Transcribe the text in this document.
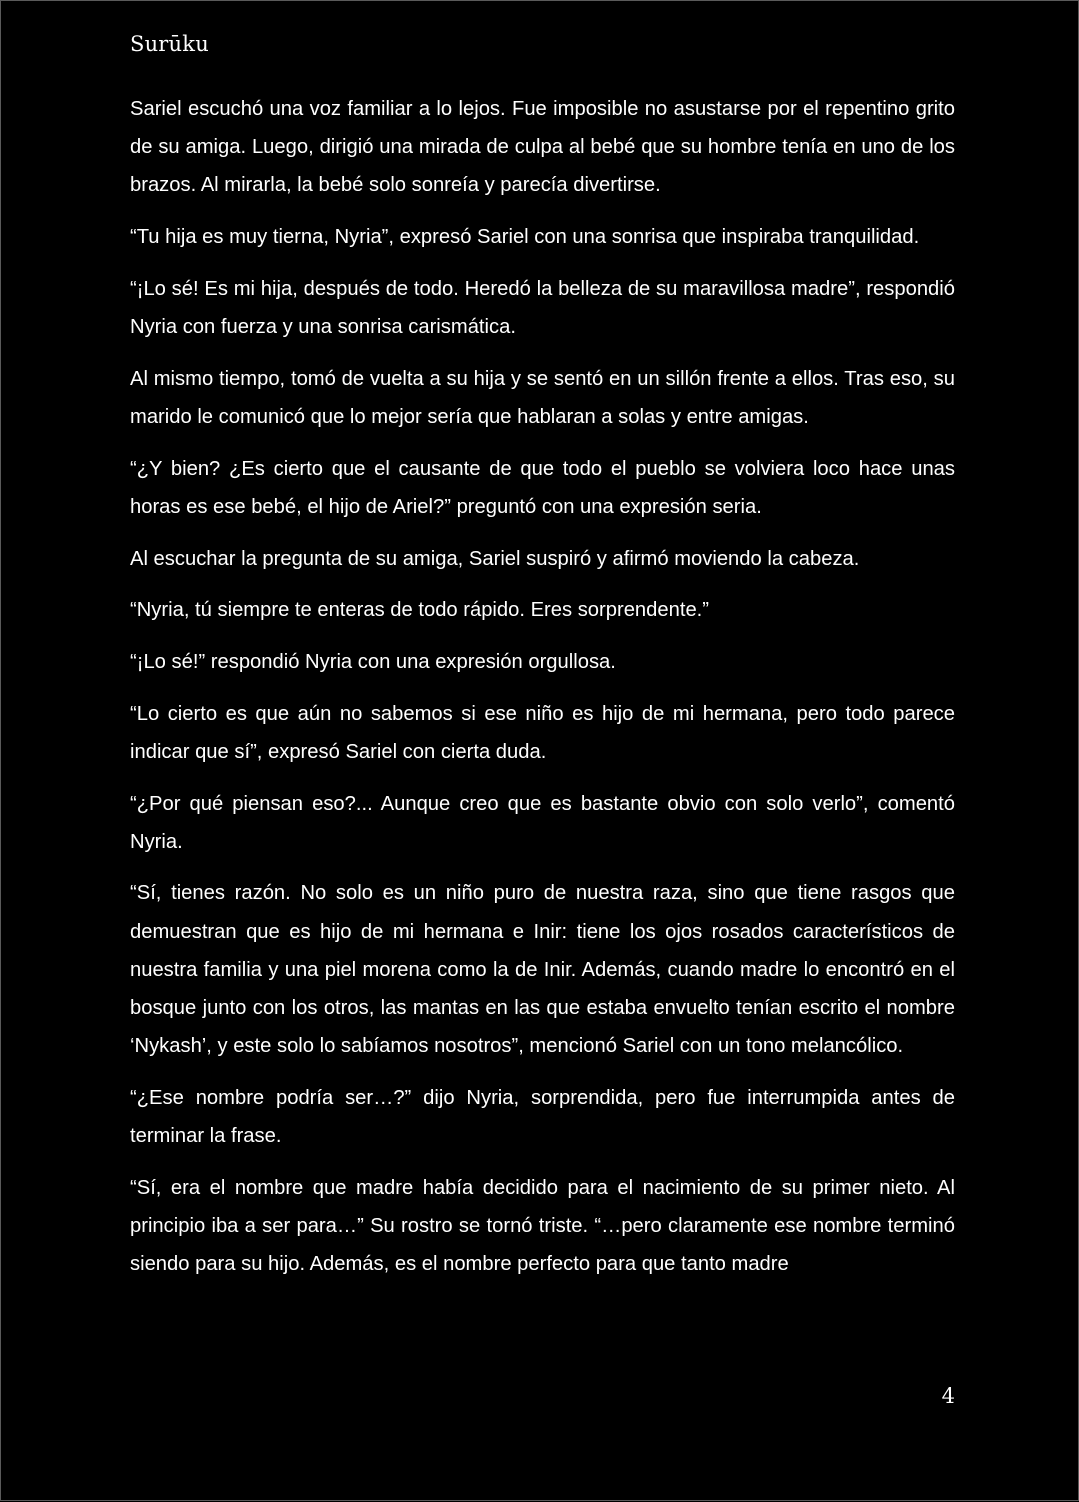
Surūku

Sariel escuchó una voz familiar a lo lejos. Fue imposible no asustarse por el repentino grito de su amiga. Luego, dirigió una mirada de culpa al bebé que su hombre tenía en uno de los brazos. Al mirarla, la bebé solo sonreía y parecía divertirse.

“Tu hija es muy tierna, Nyria”, expresó Sariel con una sonrisa que inspiraba tranquilidad.

“¡Lo sé! Es mi hija, después de todo. Heredó la belleza de su maravillosa madre”, respondió Nyria con fuerza y una sonrisa carismática.

Al mismo tiempo, tomó de vuelta a su hija y se sentó en un sillón frente a ellos. Tras eso, su marido le comunicó que lo mejor sería que hablaran a solas y entre amigas.

“¿Y bien? ¿Es cierto que el causante de que todo el pueblo se volviera loco hace unas horas es ese bebé, el hijo de Ariel?” preguntó con una expresión seria.

Al escuchar la pregunta de su amiga, Sariel suspiró y afirmó moviendo la cabeza.

“Nyria, tú siempre te enteras de todo rápido. Eres sorprendente.”

“¡Lo sé!” respondió Nyria con una expresión orgullosa.

“Lo cierto es que aún no sabemos si ese niño es hijo de mi hermana, pero todo parece indicar que sí”, expresó Sariel con cierta duda.

“¿Por qué piensan eso?... Aunque creo que es bastante obvio con solo verlo”, comentó Nyria.

“Sí, tienes razón. No solo es un niño puro de nuestra raza, sino que tiene rasgos que demuestran que es hijo de mi hermana e Inir: tiene los ojos rosados característicos de nuestra familia y una piel morena como la de Inir. Además, cuando madre lo encontró en el bosque junto con los otros, las mantas en las que estaba envuelto tenían escrito el nombre ‘Nykash’, y este solo lo sabíamos nosotros”, mencionó Sariel con un tono melancólico.

“¿Ese nombre podría ser…?” dijo Nyria, sorprendida, pero fue interrumpida antes de terminar la frase.

“Sí, era el nombre que madre había decidido para el nacimiento de su primer nieto. Al principio iba a ser para…” Su rostro se tornó triste. “…pero claramente ese nombre terminó siendo para su hijo. Además, es el nombre perfecto para que tanto madre

4
